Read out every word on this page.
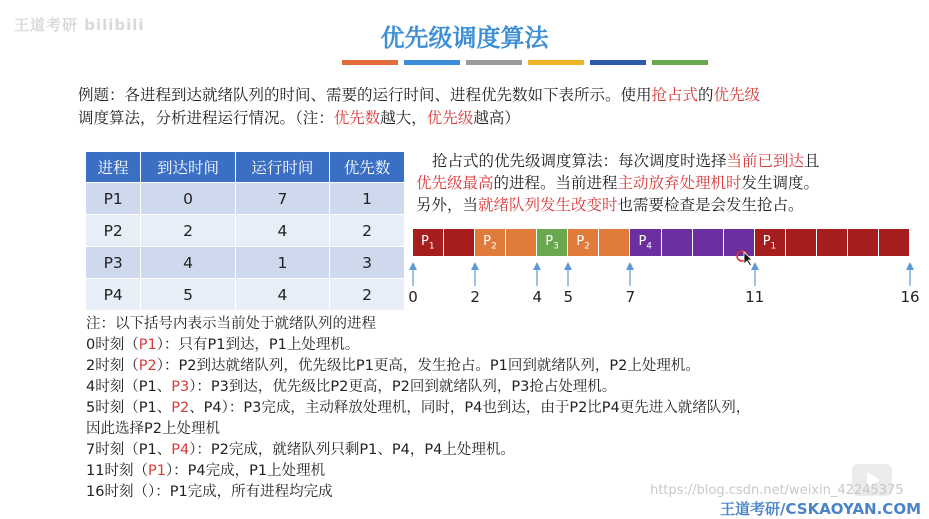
王道考研 bilibili	优先级调度算法
例题：各进程到达就绪队列的时间、需要的运行时间、进程优先数如下表所示。使用抢占式的优先级
调度算法，分析进程运行情况。（注：优先数越大，优先级越高）
进程	到达时间	运行时间	优先数
P1	0	7	1
P2	2	4	2
P3	4	1	3
P4	5	4	2
抢占式的优先级调度算法：每次调度时选择当前已到达且
优先级最高的进程。当前进程主动放弃处理机时发生调度。
另外，当就绪队列发生改变时也需要检查是会发生抢占。
$P_1$	$P_2$	$P_3$ $P_2$	$P_4$	$P_1$
0	2	4	5	7	11	16
注：以下括号内表示当前处于就绪队列的进程
0时刻（P1）：只有P1到达，P1上处理机。
2时刻（P2）：P2到达就绪队列，优先级比P1更高，发生抢占。P1回到就绪队列，P2上处理机。
4时刻（P1、P3）：P3到达，优先级比P2更高，P2回到就绪队列，P3抢占处理机。
5时刻（P1、P2、P4）：P3完成，主动释放处理机，同时，P4也到达，由于P2比P4更先进入就绪队列，
因此选择P2上处理机
7时刻（P1、P4）：P2完成，就绪队列只剩P1、P4，P4上处理机。
11时刻（P1）：P4完成，P1上处理机
16时刻（）：P1完成，所有进程均完成	https://blog.csdn.net/weixin_42245375
王道考研/CSKAOYAN.COM
